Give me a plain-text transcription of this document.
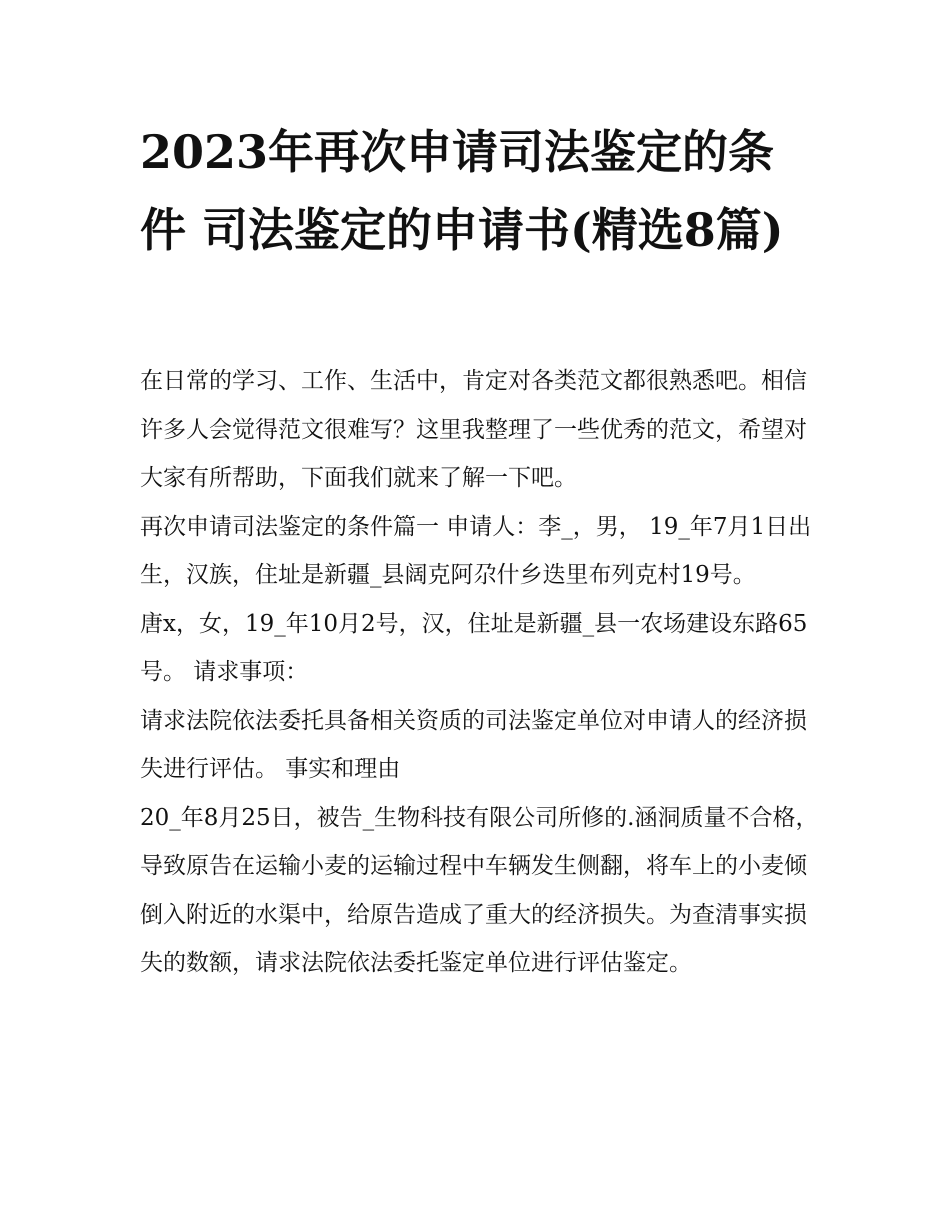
2023年再次申请司法鉴定的条件 司法鉴定的申请书(精选8篇)

在日常的学习、工作、生活中，肯定对各类范文都很熟悉吧。相信许多人会觉得范文很难写？这里我整理了一些优秀的范文，希望对大家有所帮助，下面我们就来了解一下吧。

再次申请司法鉴定的条件篇一 申请人：李_，男， 19_年7月1日出生，汉族，住址是新疆_县阔克阿尕什乡迭里布列克村19号。

唐x，女，19_年10月2号，汉，住址是新疆_县一农场建设东路65号。 请求事项：

请求法院依法委托具备相关资质的司法鉴定单位对申请人的经济损失进行评估。 事实和理由

20_年8月25日，被告_生物科技有限公司所修的.涵洞质量不合格，导致原告在运输小麦的运输过程中车辆发生侧翻，将车上的小麦倾倒入附近的水渠中，给原告造成了重大的经济损失。为查清事实损失的数额，请求法院依法委托鉴定单位进行评估鉴定。
